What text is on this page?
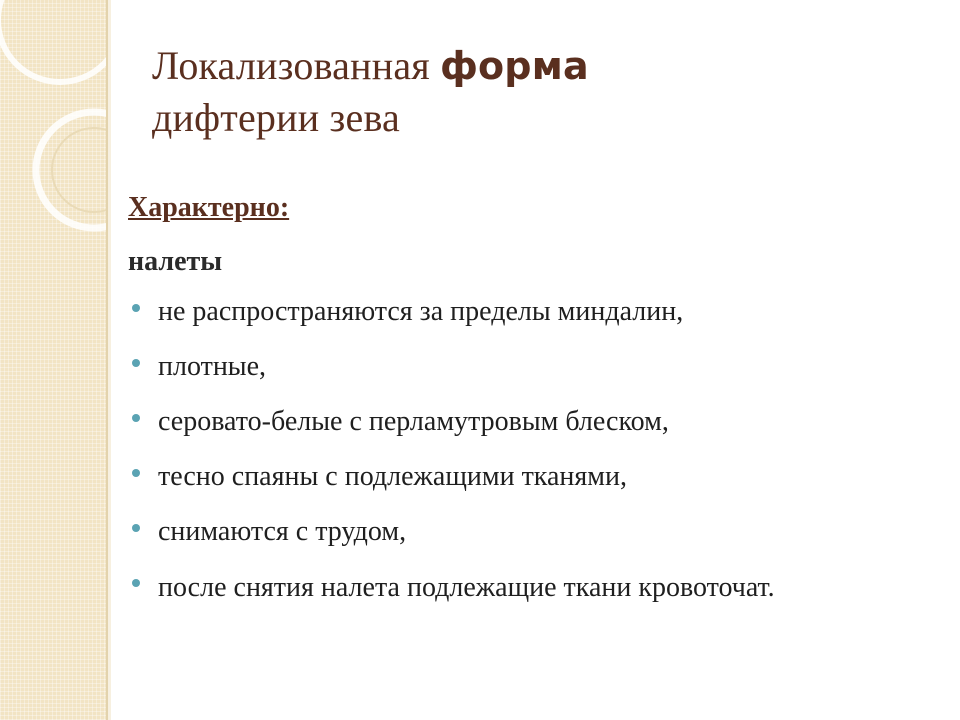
Локализованная форма
дифтерии зева
Характерно:
налеты
не распространяются за пределы миндалин,
плотные,
серовато-белые с перламутровым блеском,
тесно спаяны с подлежащими тканями,
снимаются с трудом,
после снятия налета подлежащие ткани кровоточат.
